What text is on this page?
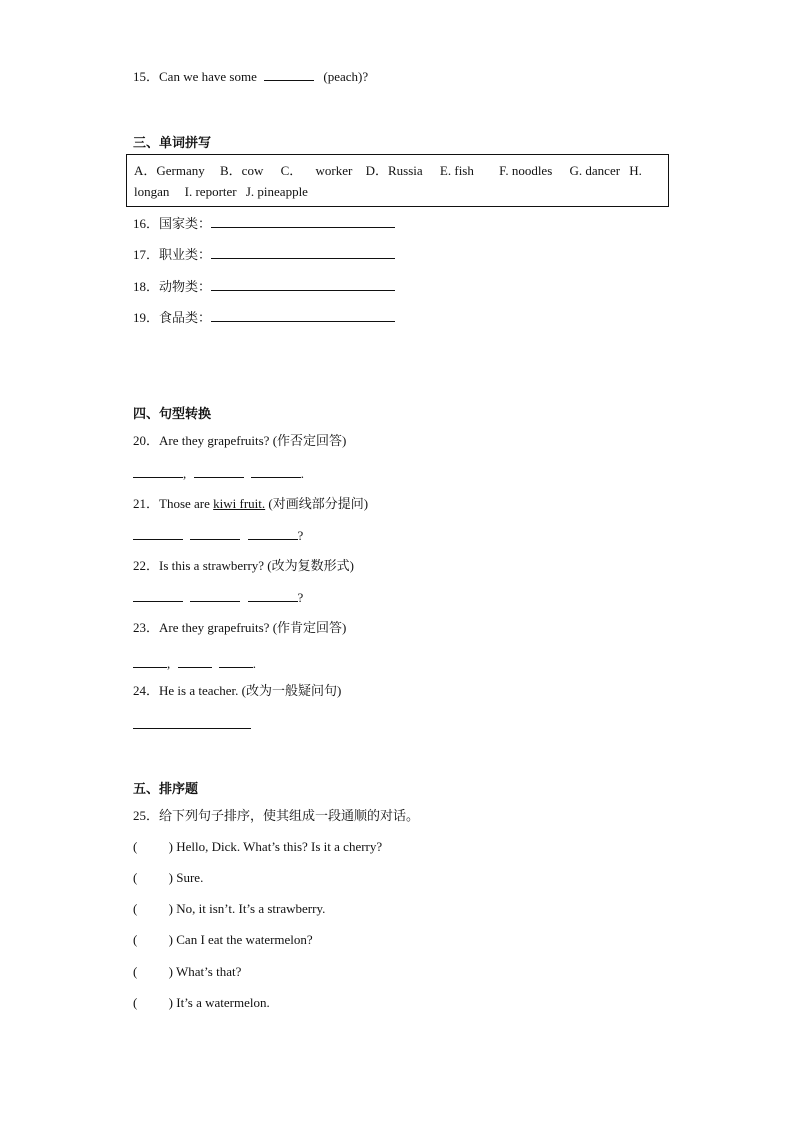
15．Can we have some	(peach)?
三、单词拼写
A．Germany B．cow C． worker D．Russia E. fish F. noodles G. dancer H.
longan I. reporter J. pineapple
16．国家类：
17．职业类：
18．动物类：
19．食品类：
四、句型转换
20．Are they grapefruits? (作否定回答)
,	.
21．Those are kiwi fruit. (对画线部分提问)
?
22．Is this a strawberry? (改为复数形式)
?
23．Are they grapefruits? (作肯定回答)
,	.
24．He is a teacher. (改为一般疑问句)
五、排序题
25．给下列句子排序，使其组成一段通顺的对话。
( ) Hello, Dick. What’s this? Is it a cherry?
( ) Sure.
( ) No, it isn’t. It’s a strawberry.
( ) Can I eat the watermelon?
( ) What’s that?
( ) It’s a watermelon.
